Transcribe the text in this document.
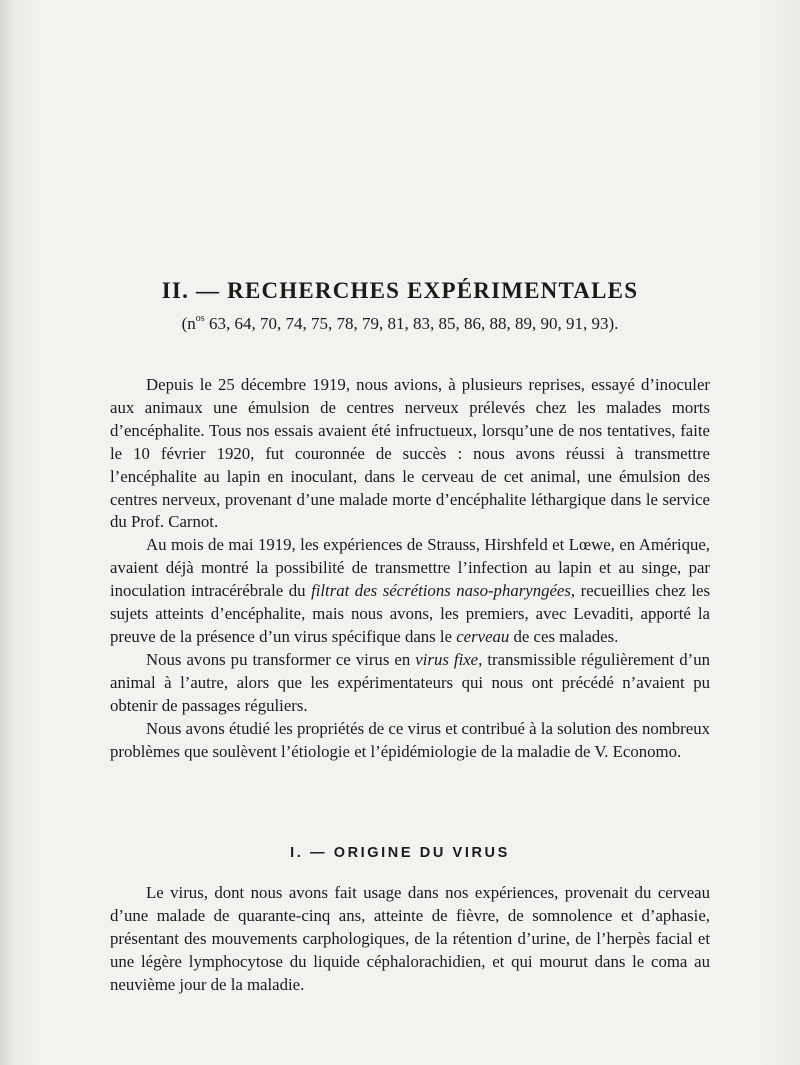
II. — RECHERCHES EXPÉRIMENTALES
($n^{os}$ 63, 64, 70, 74, 75, 78, 79, 81, 83, 85, 86, 88, 89, 90, 91, 93).

Depuis le 25 décembre 1919, nous avions, à plusieurs reprises, essayé d’inoculer aux animaux une émulsion de centres nerveux prélevés chez les malades morts d’encéphalite. Tous nos essais avaient été infructueux, lorsqu’une de nos tentatives, faite le 10 février 1920, fut couronnée de succès : nous avons réussi à transmettre l’encéphalite au lapin en inoculant, dans le cerveau de cet animal, une émulsion des centres nerveux, provenant d’une malade morte d’encéphalite léthargique dans le service du Prof. Carnot.

Au mois de mai 1919, les expériences de Strauss, Hirshfeld et Lœwe, en Amérique, avaient déjà montré la possibilité de transmettre l’infection au lapin et au singe, par inoculation intracérébrale du filtrat des sécrétions naso-pharyngées, recueillies chez les sujets atteints d’encéphalite, mais nous avons, les premiers, avec Levaditi, apporté la preuve de la présence d’un virus spécifique dans le cerveau de ces malades.

Nous avons pu transformer ce virus en virus fixe, transmissible régulièrement d’un animal à l’autre, alors que les expérimentateurs qui nous ont précédé n’avaient pu obtenir de passages réguliers.

Nous avons étudié les propriétés de ce virus et contribué à la solution des nombreux problèmes que soulèvent l’étiologie et l’épidémiologie de la maladie de V. Economo.

I. — ORIGINE DU VIRUS

Le virus, dont nous avons fait usage dans nos expériences, provenait du cerveau d’une malade de quarante-cinq ans, atteinte de fièvre, de somnolence et d’aphasie, présentant des mouvements carphologiques, de la rétention d’urine, de l’herpès facial et une légère lymphocytose du liquide céphalorachidien, et qui mourut dans le coma au neuvième jour de la maladie.
